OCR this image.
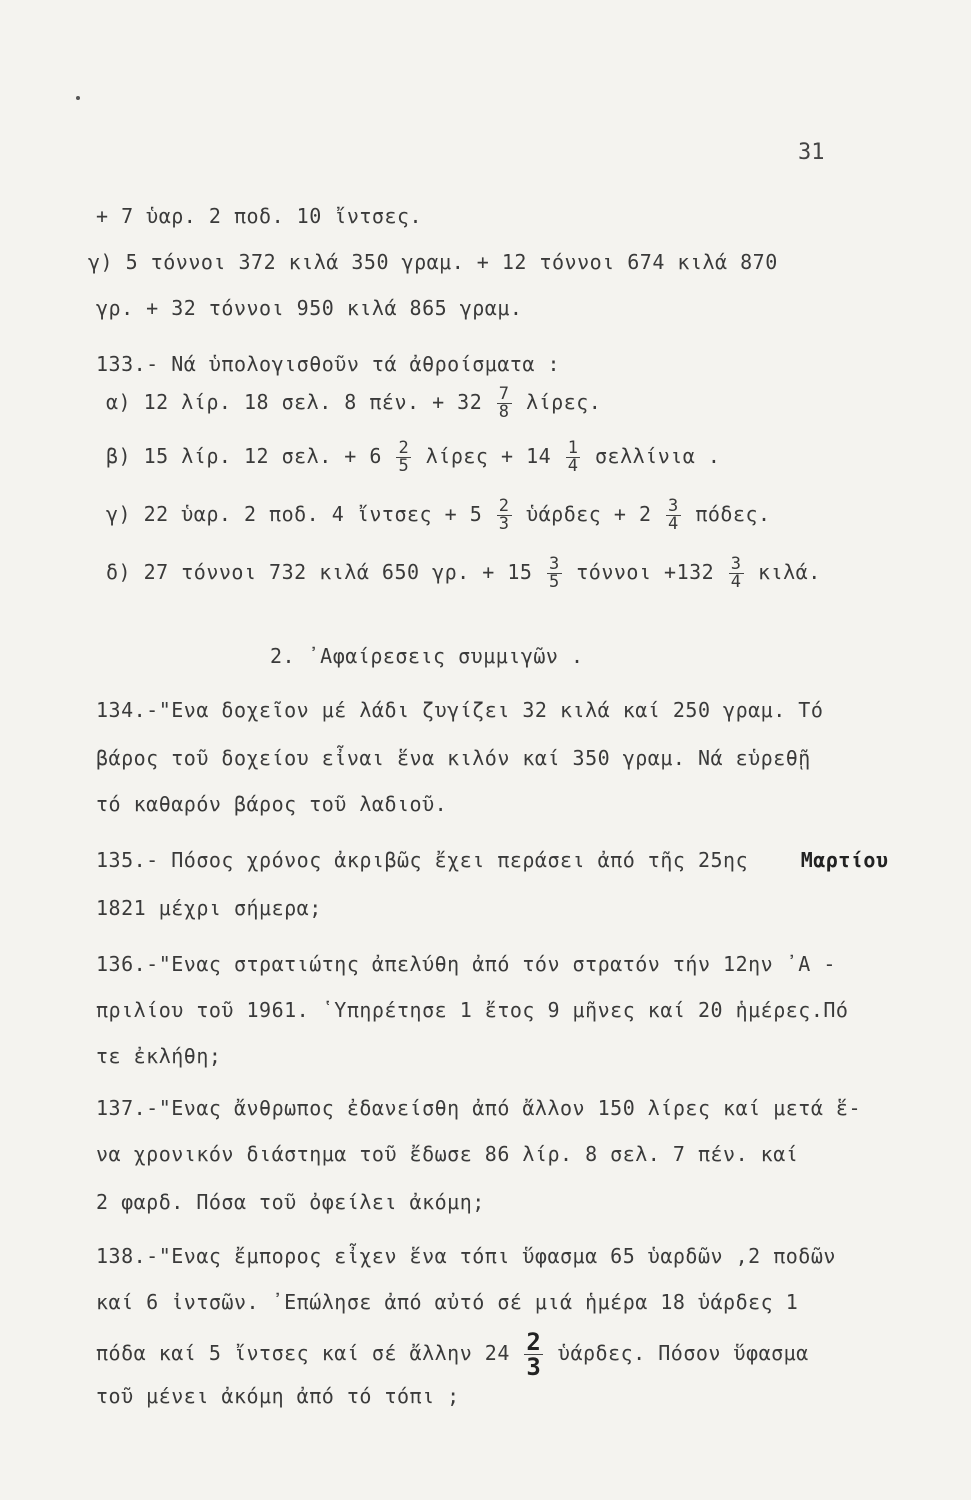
31
+ 7 ὑαρ. 2 ποδ. 10 ἴντσες.
γ) 5 τόννοι 372 κιλά 350 γραμ. + 12 τόννοι 674 κιλά 870
γρ. + 32 τόννοι 950 κιλά 865 γραμ.
133.- Νά ὑπολογισθοῦν τά ἀθροίσματα :
α) 12 λίρ. 18 σελ. 8 πέν. + $32 \frac{7}{8} \lambda ί\rho\varepsilon\varsigma$.
β) 15 λίρ. 12 σελ. + $6 \frac{2}{5}$ $\lambda ί\rho\varepsilon\varsigma + 14 \frac{1}{4}$ σελλίνια .
γ) 22 ὑαρ. 2 ποδ. 4 ἴντσες + $5 \frac{2}{3}$ ὑάρδες + $2 \frac{3}{4} \pi ό\delta\varepsilon\varsigma$.
δ) 27 τόννοι 732 κιλά 650 γρ. + $15 \frac{3}{5}$ $\tau ό\nu\nu o\iota +132 \frac{3}{4} \kappa\iota\lambda ά$.
2. ᾿Αφαίρεσεις συμμιγῶν .
134.-"Ενα δοχεῖον μέ λάδι ζυγίζει 32 κιλά καί 250 γραμ. Τό
βάρος τοῦ δοχείου εἶναι ἕνα κιλόν καί 350 γραμ. Νά εὑρεθῇ
τό καθαρόν βάρος τοῦ λαδιοῦ.
135.- Πόσος χρόνος ἀκριβῶς ἔχει περάσει ἀπό τῆς 25ης	Μαρτίου
1821 μέχρι σήμερα;
136.-"Ενας στρατιώτης ἀπελύθη ἀπό τόν στρατόν τήν 12ην ᾿Α -
πριλίου τοῦ 1961. ῾Υπηρέτησε 1 ἔτος 9 μῆνες καί 20 ἡμέρες.Πό
τε ἐκλήθη;
137.-"Ενας ἄνθρωπος ἐδανείσθη ἀπό ἄλλον 150 λίρες καί μετά ἕ-
να χρονικόν διάστημα τοῦ ἔδωσε 86 λίρ. 8 σελ. 7 πέν. καί
2 φαρδ. Πόσα τοῦ ὀφείλει ἀκόμη;
138.-"Ενας ἔμπορος εἶχεν ἕνα τόπι ὕφασμα 65 ὑαρδῶν ,2 ποδῶν
καί 6 ἰντσῶν. ᾿Επώλησε ἀπό αὐτό σέ μιά ἡμέρα 18 ὑάρδες 1
πόδα καί 5 ἴντσες καί σέ ἄλλην $24 \frac{2}{3}$ ὑάρδες. Πόσον ὕφασμα
τοῦ μένει ἀκόμη ἀπό τό τόπι ;
